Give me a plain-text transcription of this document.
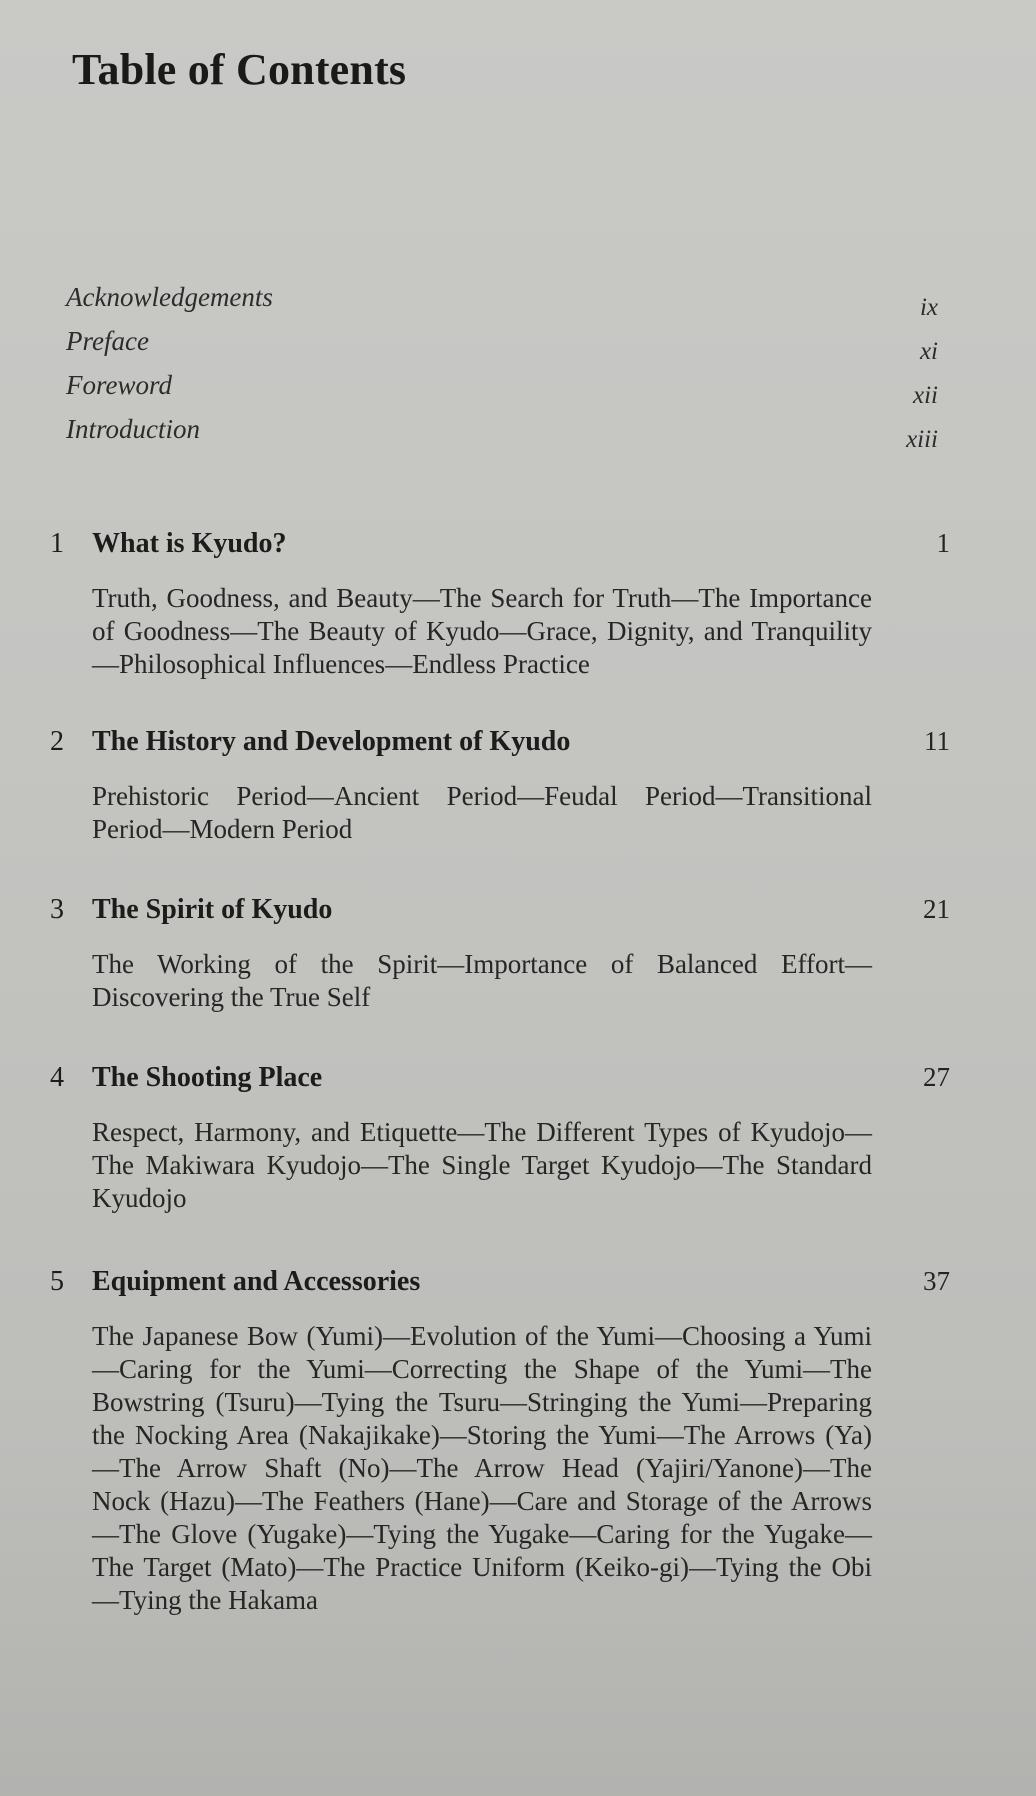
Table of Contents
Acknowledgements	ix
Preface	xi
Foreword	xii
Introduction	xiii
1 What is Kyudo?	1

Truth, Goodness, and Beauty—The Search for Truth—The Importance of Goodness—The Beauty of Kyudo—Grace, Dignity, and Tranquility—Philosophical Influences—Endless Practice

2 The History and Development of Kyudo	11

Prehistoric Period—Ancient Period—Feudal Period—Transitional Period—Modern Period

3 The Spirit of Kyudo	21

The Working of the Spirit—Importance of Balanced Effort—Discovering the True Self

4 The Shooting Place	27

Respect, Harmony, and Etiquette—The Different Types of Kyudojo—The Makiwara Kyudojo—The Single Target Kyudojo—The Standard Kyudojo

5 Equipment and Accessories	37

The Japanese Bow (Yumi)—Evolution of the Yumi—Choosing a Yumi—Caring for the Yumi—Correcting the Shape of the Yumi—The Bowstring (Tsuru)—Tying the Tsuru—Stringing the Yumi—Preparing the Nocking Area (Nakajikake)—Storing the Yumi—The Arrows (Ya)—The Arrow Shaft (No)—The Arrow Head (Yajiri/Yanone)—The Nock (Hazu)—The Feathers (Hane)—Care and Storage of the Arrows—The Glove (Yugake)—Tying the Yugake—Caring for the Yugake—The Target (Mato)—The Practice Uniform (Keiko-gi)—Tying the Obi—Tying the Hakama
